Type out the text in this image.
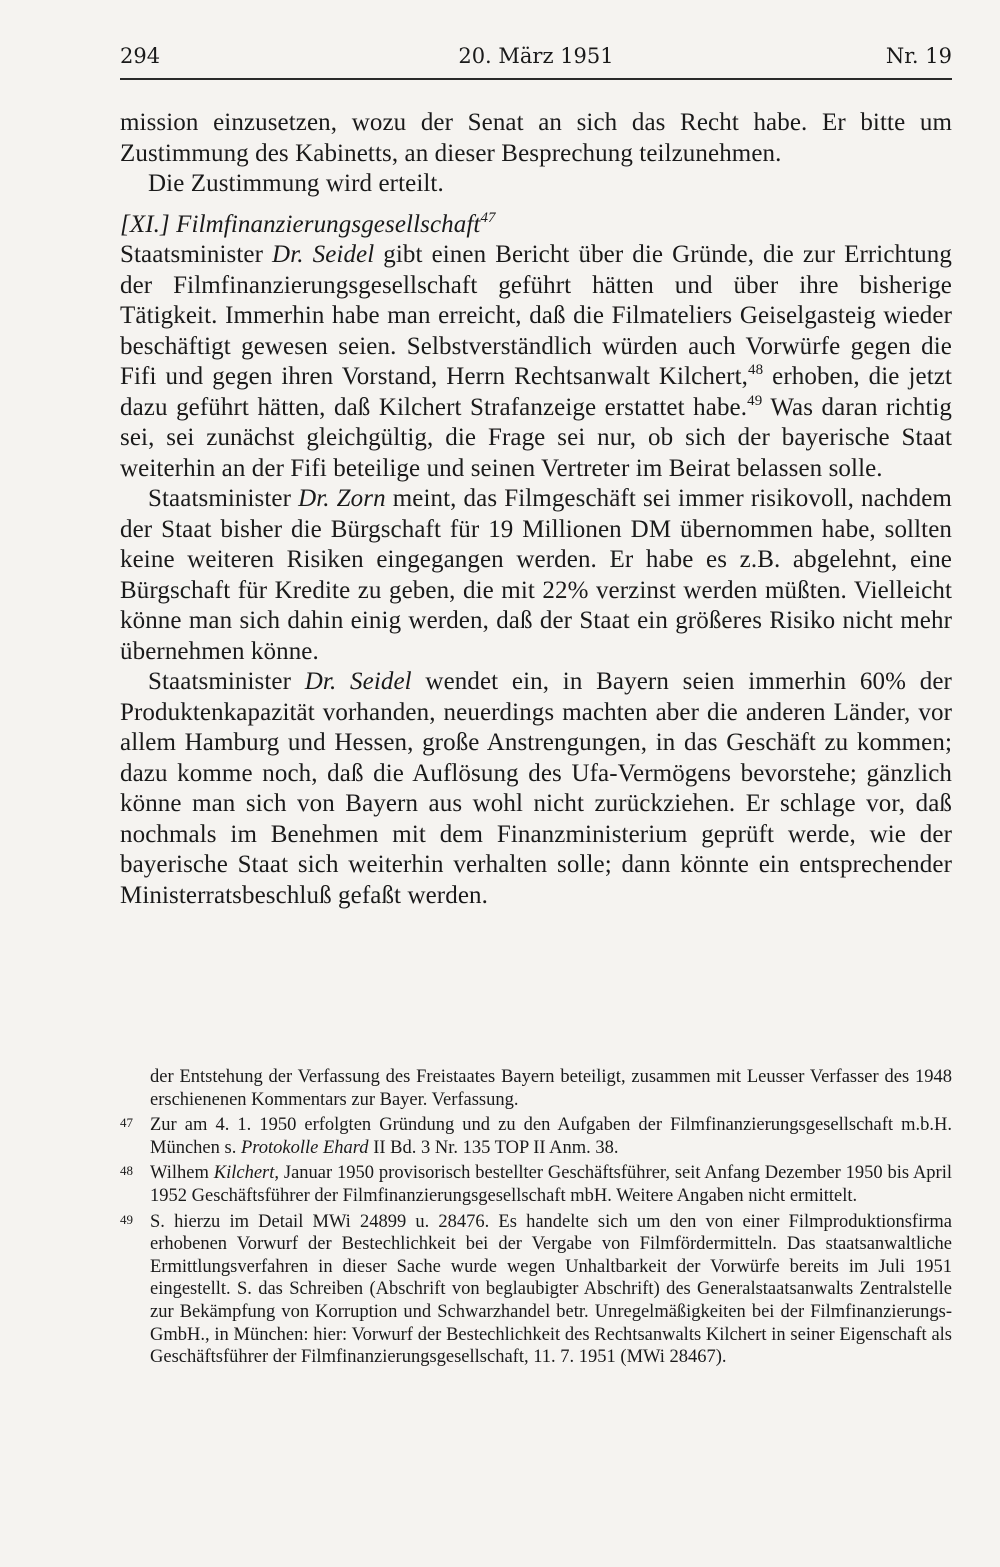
294	20. März 1951	Nr. 19

mission einzusetzen, wozu der Senat an sich das Recht habe. Er bitte um Zustimmung des Kabinetts, an dieser Besprechung teilzunehmen.

Die Zustimmung wird erteilt.

[XI.] Filmfinanzierungsgesellschaft$^{47}$

Staatsminister Dr. Seidel gibt einen Bericht über die Gründe, die zur Errichtung der Filmfinanzierungsgesellschaft geführt hätten und über ihre bisherige Tätigkeit. Immerhin habe man erreicht, daß die Filmateliers Geiselgasteig wieder beschäftigt gewesen seien. Selbstverständlich würden auch Vorwürfe gegen die Fifi und gegen ihren Vorstand, Herrn Rechtsanwalt Kilchert,$^{48}$ erhoben, die jetzt dazu geführt hätten, daß Kilchert Strafanzeige erstattet habe.$^{49}$ Was daran richtig sei, sei zunächst gleichgültig, die Frage sei nur, ob sich der bayerische Staat weiterhin an der Fifi beteilige und seinen Vertreter im Beirat belassen solle.

Staatsminister Dr. Zorn meint, das Filmgeschäft sei immer risikovoll, nachdem der Staat bisher die Bürgschaft für 19 Millionen DM übernommen habe, sollten keine weiteren Risiken eingegangen werden. Er habe es z.B. abgelehnt, eine Bürgschaft für Kredite zu geben, die mit 22% verzinst werden müßten. Vielleicht könne man sich dahin einig werden, daß der Staat ein größeres Risiko nicht mehr übernehmen könne.

Staatsminister Dr. Seidel wendet ein, in Bayern seien immerhin 60% der Produktenkapazität vorhanden, neuerdings machten aber die anderen Länder, vor allem Hamburg und Hessen, große Anstrengungen, in das Geschäft zu kommen; dazu komme noch, daß die Auflösung des Ufa-Vermögens bevorstehe; gänzlich könne man sich von Bayern aus wohl nicht zurückziehen. Er schlage vor, daß nochmals im Benehmen mit dem Finanzministerium geprüft werde, wie der bayerische Staat sich weiterhin verhalten solle; dann könnte ein entsprechender Ministerratsbeschluß gefaßt werden.

der Entstehung der Verfassung des Freistaates Bayern beteiligt, zusammen mit Leusser Verfasser des 1948 erschienenen Kommentars zur Bayer. Verfassung.

47 Zur am 4. 1. 1950 erfolgten Gründung und zu den Aufgaben der Filmfinanzierungsgesellschaft m.b.H. München s. Protokolle Ehard II Bd. 3 Nr. 135 TOP II Anm. 38.

48 Wilhem Kilchert, Januar 1950 provisorisch bestellter Geschäftsführer, seit Anfang Dezember 1950 bis April 1952 Geschäftsführer der Filmfinanzierungsgesellschaft mbH. Weitere Angaben nicht ermittelt.

49 S. hierzu im Detail MWi 24899 u. 28476. Es handelte sich um den von einer Filmproduktionsfirma erhobenen Vorwurf der Bestechlichkeit bei der Vergabe von Filmfördermitteln. Das staatsanwaltliche Ermittlungsverfahren in dieser Sache wurde wegen Unhaltbarkeit der Vorwürfe bereits im Juli 1951 eingestellt. S. das Schreiben (Abschrift von beglaubigter Abschrift) des Generalstaatsanwalts Zentralstelle zur Bekämpfung von Korruption und Schwarzhandel betr. Unregelmäßigkeiten bei der Filmfinanzierungs-GmbH., in München: hier: Vorwurf der Bestechlichkeit des Rechtsanwalts Kilchert in seiner Eigenschaft als Geschäftsführer der Filmfinanzierungsgesellschaft, 11. 7. 1951 (MWi 28467).
